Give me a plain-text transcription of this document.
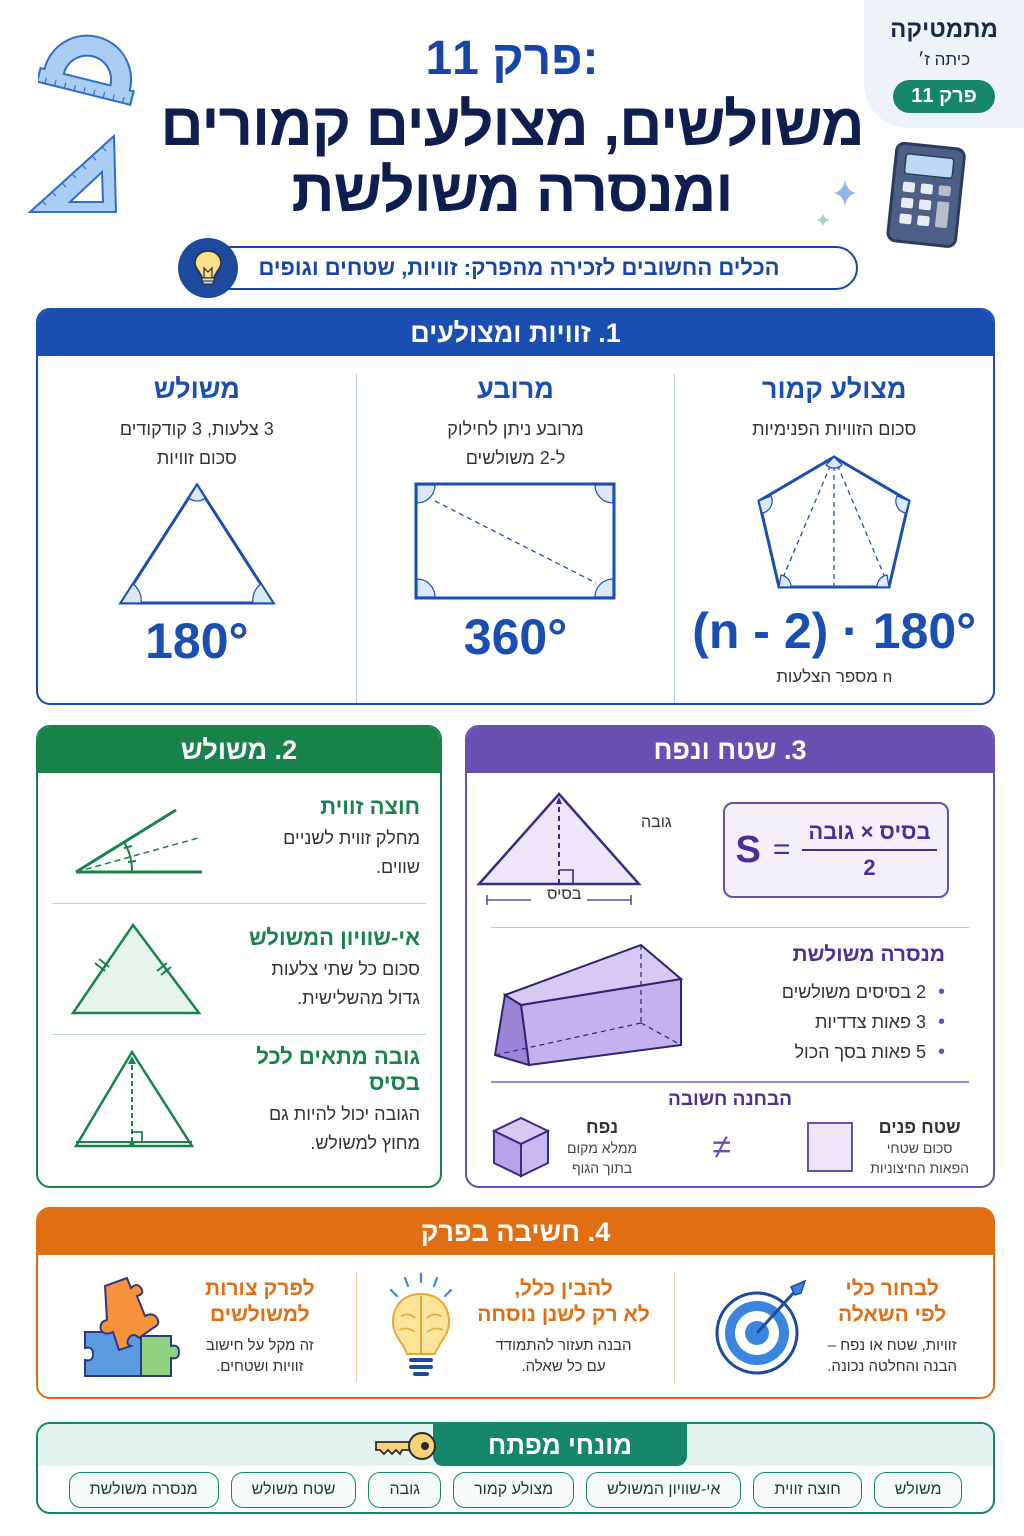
מתמטיקה
כיתה ז׳
פרק 11
פרק 11:
משולשים, מצולעים קמורים
ומנסרה משולשת
הכלים החשובים לזכירה מהפרק: זוויות, שטחים וגופים
1. זוויות ומצולעים
מצולע קמור
סכום הזוויות הפנימיות
(n - 2) · 180°
n מספר הצלעות
מרובע
מרובע ניתן לחילוק
ל-2 משולשים
360°
משולש
3 צלעות, 3 קודקודים
סכום זוויות
180°
2. משולש
חוצה זווית
מחלק זווית לשניים
שווים.
אי-שוויון המשולש
סכום כל שתי צלעות
גדול מהשלישית.
גובה מתאים לכל בסיס
הגובה יכול להיות גם
מחוץ למשולש.
3. שטח ונפח
$S = \frac{\text{בסיס × גובה}}{2}$
בסיס
גובה
מנסרה משולשת
• 2 בסיסים משולשים
• 3 פאות צדדיות
• 5 פאות בסך הכול
הבחנה חשובה
שטח פנים
סכום שטחי
הפאות החיצוניות
≠
נפח
ממלא מקום
בתוך הגוף
4. חשיבה בפרק
לבחור כלי
לפי השאלה
זוויות, שטח או נפח –
הבנה והחלטה נכונה.
להבין כלל,
לא רק לשנן נוסחה
הבנה תעזור להתמודד
עם כל שאלה.
לפרק צורות
למשולשים
זה מקל על חישוב
זוויות ושטחים.
מונחי מפתח
משולש
חוצה זווית
אי-שוויון המשולש
מצולע קמור
גובה
שטח משולש
מנסרה משולשת
